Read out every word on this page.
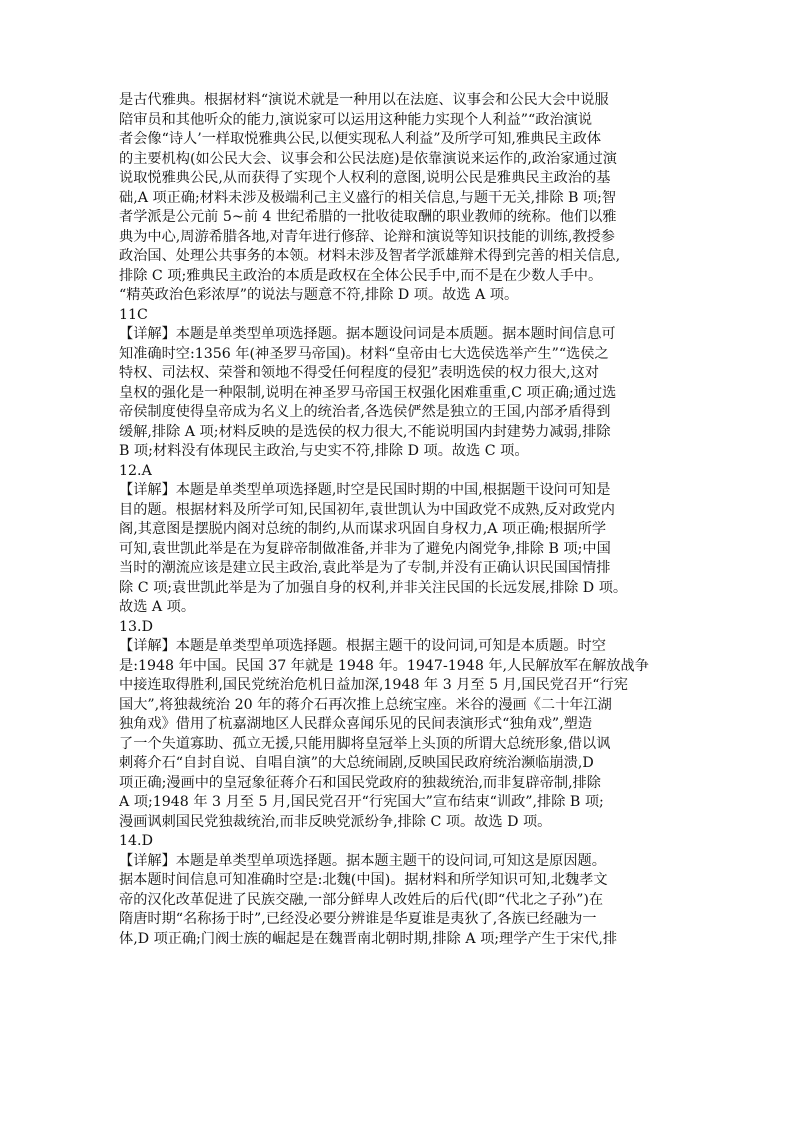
是古代雅典。根据材料“演说术就是一种用以在法庭、议事会和公民大会中说服
陪审员和其他听众的能力,演说家可以运用这种能力实现个人利益”“政治演说
者会像“诗人’一样取悦雅典公民,以便实现私人利益”及所学可知,雅典民主政体
的主要机构(如公民大会、议事会和公民法庭)是依靠演说来运作的,政治家通过演
说取悦雅典公民,从而获得了实现个人权利的意图,说明公民是雅典民主政治的基
础,A 项正确;材料未涉及极端利己主义盛行的相关信息,与题干无关,排除 B 项;智
者学派是公元前 5~前 4 世纪希腊的一批收徒取酬的职业教师的统称。他们以雅
典为中心,周游希腊各地,对青年进行修辞、论辩和演说等知识技能的训练,教授参
政治国、处理公共事务的本领。材料未涉及智者学派雄辩术得到完善的相关信息,
排除 C 项;雅典民主政治的本质是政权在全体公民手中,而不是在少数人手中。
“精英政治色彩浓厚”的说法与题意不符,排除 D 项。故选 A 项。
11C
【详解】本题是单类型单项选择题。据本题设问词是本质题。据本题时间信息可
知准确时空:1356 年(神圣罗马帝国)。材料“皇帝由七大选侯选举产生”“选侯之
特权、司法权、荣誉和领地不得受任何程度的侵犯”表明选侯的权力很大,这对
皇权的强化是一种限制,说明在神圣罗马帝国王权强化困难重重,C 项正确;通过选
帝侯制度使得皇帝成为名义上的统治者,各选侯俨然是独立的王国,内部矛盾得到
缓解,排除 A 项;材料反映的是选侯的权力很大,不能说明国内封建势力减弱,排除
B 项;材料没有体现民主政治,与史实不符,排除 D 项。故选 C 项。
12.A
【详解】本题是单类型单项选择题,时空是民国时期的中国,根据题干设问可知是
目的题。根据材料及所学可知,民国初年,袁世凯认为中国政党不成熟,反对政党内
阁,其意图是摆脱内阁对总统的制约,从而谋求巩固自身权力,A 项正确;根据所学
可知,袁世凯此举是在为复辟帝制做准备,并非为了避免内阁党争,排除 B 项;中国
当时的潮流应该是建立民主政治,袁此举是为了专制,并没有正确认识民国国情排
除 C 项;袁世凯此举是为了加强自身的权利,并非关注民国的长远发展,排除 D 项。
故选 A 项。
13.D
【详解】本题是单类型单项选择题。根据主题干的设问词,可知是本质题。时空
是:1948 年中国。民国 37 年就是 1948 年。1947-1948 年,人民解放军在解放战争
中接连取得胜利,国民党统治危机日益加深,1948 年 3 月至 5 月,国民党召开“行宪
国大”,将独裁统治 20 年的蒋介石再次推上总统宝座。米谷的漫画《二十年江湖
独角戏》借用了杭嘉湖地区人民群众喜闻乐见的民间表演形式“独角戏”,塑造
了一个失道寡助、孤立无援,只能用脚将皇冠举上头顶的所谓大总统形象,借以讽
刺蒋介石“自封自说、自唱自演”的大总统闹剧,反映国民政府统治濒临崩溃,D
项正确;漫画中的皇冠象征蒋介石和国民党政府的独裁统治,而非复辟帝制,排除
A 项;1948 年 3 月至 5 月,国民党召开“行宪国大”宣布结束“训政”,排除 B 项;
漫画讽刺国民党独裁统治,而非反映党派纷争,排除 C 项。故选 D 项。
14.D
【详解】本题是单类型单项选择题。据本题主题干的设问词,可知这是原因题。
据本题时间信息可知准确时空是:北魏(中国)。据材料和所学知识可知,北魏孝文
帝的汉化改革促进了民族交融,一部分鲜卑人改姓后的后代(即“代北之子孙”)在
隋唐时期“名称扬于时”,已经没必要分辨谁是华夏谁是夷狄了,各族已经融为一
体,D 项正确;门阀士族的崛起是在魏晋南北朝时期,排除 A 项;理学产生于宋代,排
